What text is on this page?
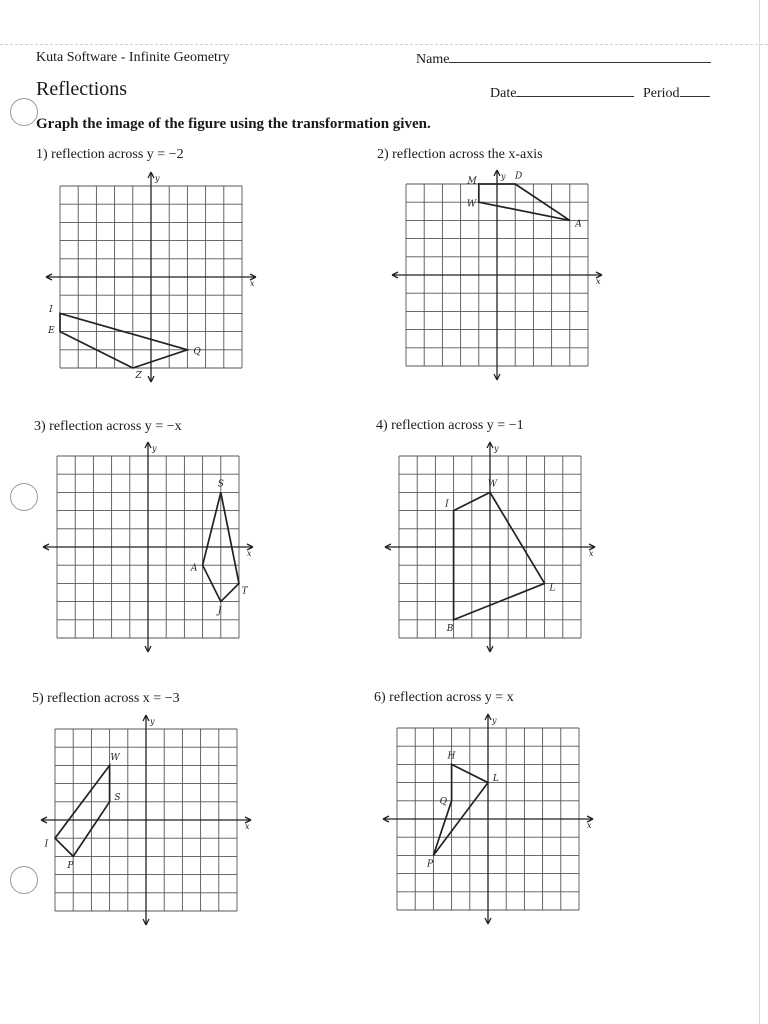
Kuta Software - Infinite Geometry	Name
Reflections	Date	Period
Graph the image of the figure using the transformation given.
1) reflection across y = −2	2) reflection across the x-axis
3) reflection across y = −x	4) reflection across y = −1
5) reflection across x = −3	6) reflection across y = x
x
y
I
Q
Z
E
x
y
M	D
A
W
x
y
S
T
J
A
x
y
I
W
L
B
x
y
W
S
P
I
x
y
H
L
P
Q
